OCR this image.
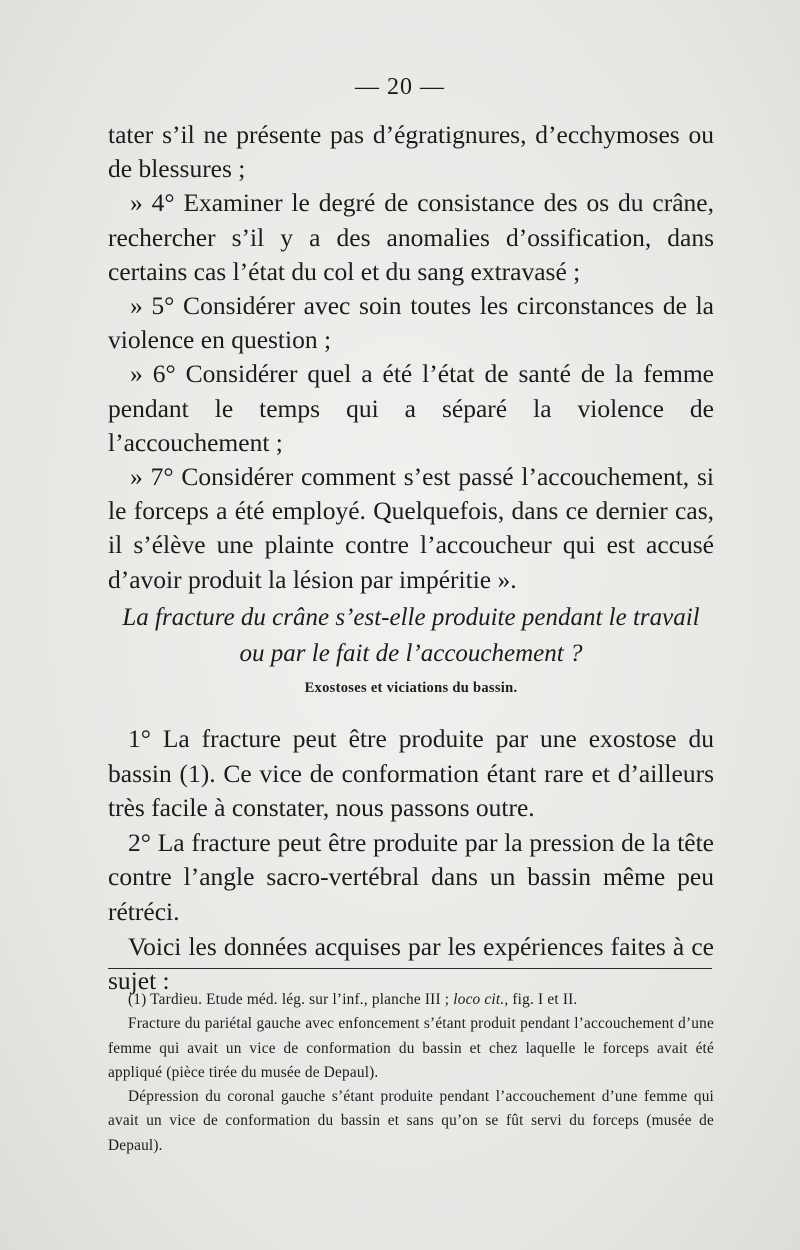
— 20 —

tater s’il ne présente pas d’égratignures, d’ecchymoses ou de blessures ;

» 4° Examiner le degré de consistance des os du crâne, rechercher s’il y a des anomalies d’ossification, dans certains cas l’état du col et du sang extravasé ;

» 5° Considérer avec soin toutes les circonstances de la violence en question ;

» 6° Considérer quel a été l’état de santé de la femme pendant le temps qui a séparé la violence de l’accouchement ;

» 7° Considérer comment s’est passé l’accouchement, si le forceps a été employé. Quelquefois, dans ce dernier cas, il s’élève une plainte contre l’accoucheur qui est accusé d’avoir produit la lésion par impéritie ».

La fracture du crâne s’est-elle produite pendant le travail ou par le fait de l’accouchement ?
Exostoses et viciations du bassin.

1° La fracture peut être produite par une exostose du bassin (1). Ce vice de conformation étant rare et d’ailleurs très facile à constater, nous passons outre.

2° La fracture peut être produite par la pression de la tête contre l’angle sacro-vertébral dans un bassin même peu rétréci.

Voici les données acquises par les expériences faites à ce sujet :

(1) Tardieu. Etude méd. lég. sur l’inf., planche III ; loco cit., fig. I et II.

Fracture du pariétal gauche avec enfoncement s’étant produit pendant l’accouchement d’une femme qui avait un vice de conformation du bassin et chez laquelle le forceps avait été appliqué (pièce tirée du musée de Depaul).

Dépression du coronal gauche s’étant produite pendant l’accouchement d’une femme qui avait un vice de conformation du bassin et sans qu’on se fût servi du forceps (musée de Depaul).
